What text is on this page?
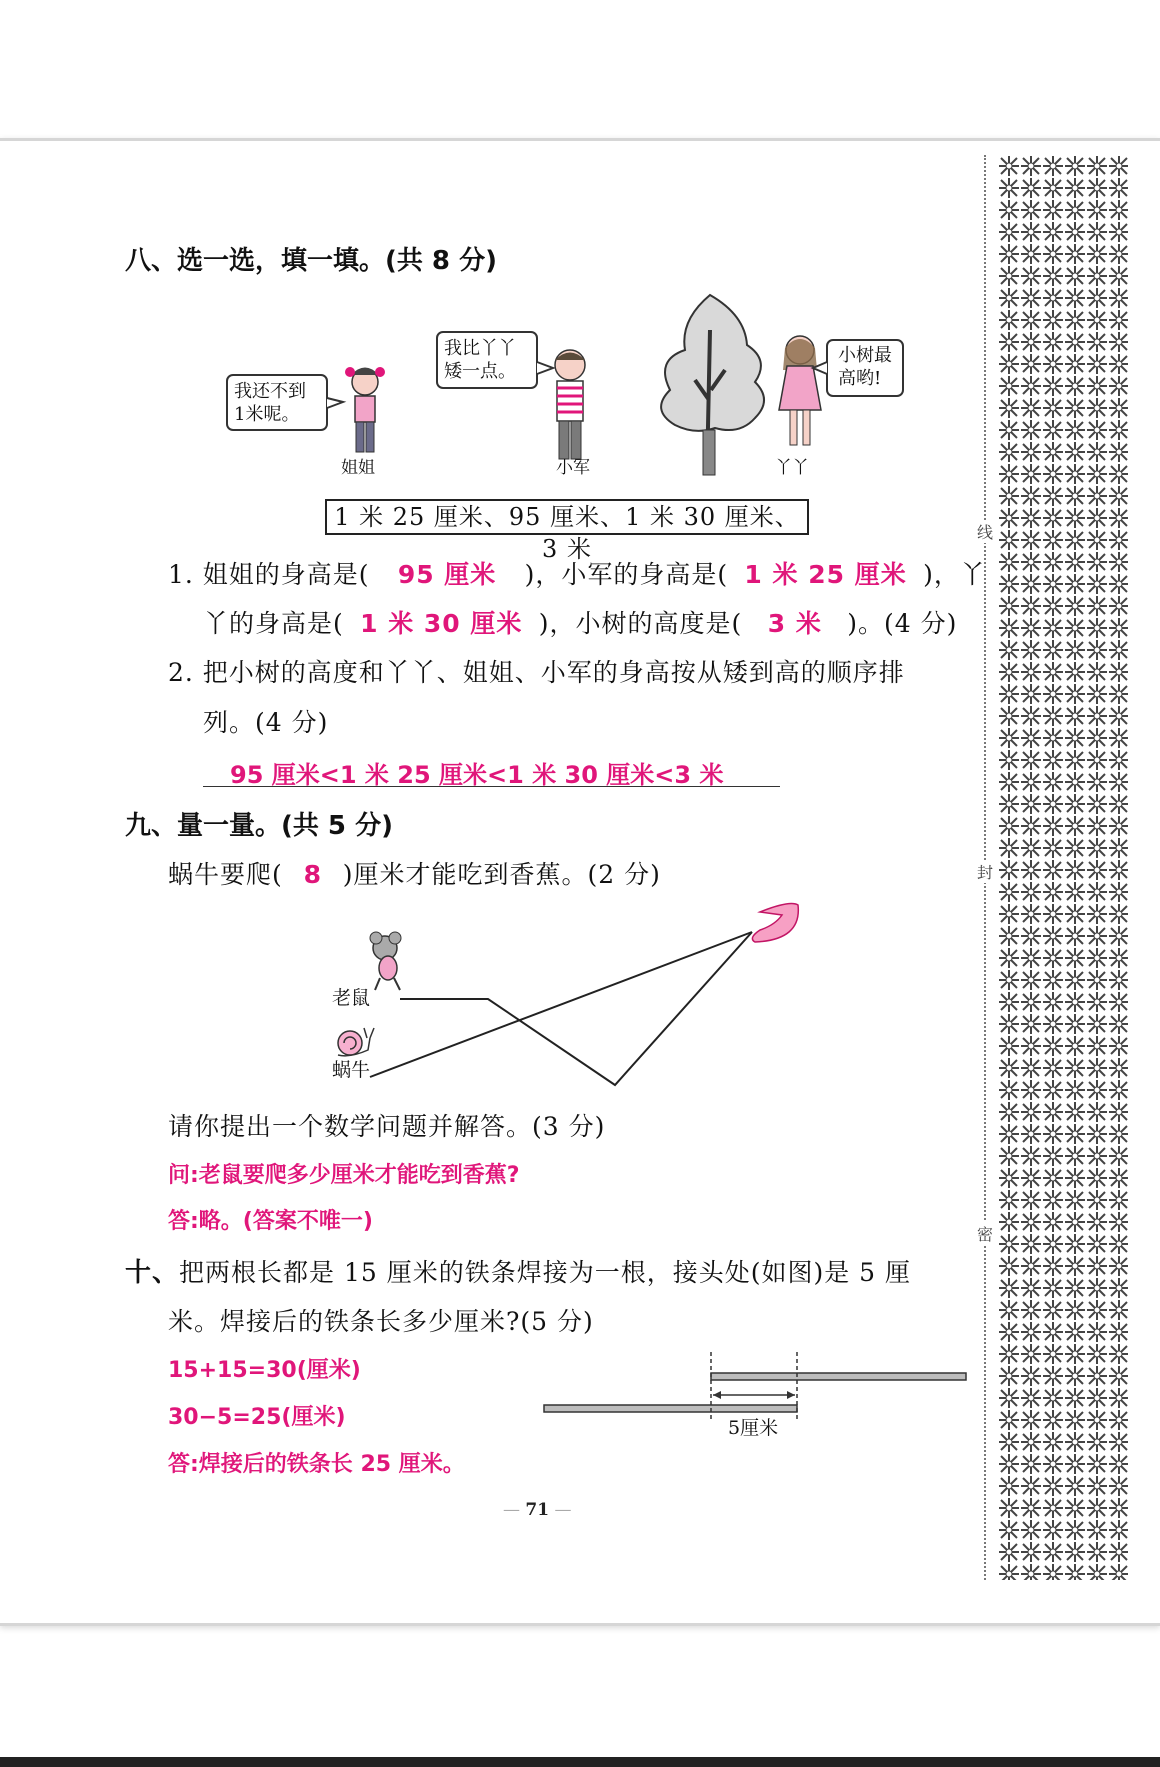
线
封
密
八、选一选，填一填。(共 8 分)
我还不到
1米呢。
我比丫丫
矮一点。
小树最
高哟!
姐姐	小军	丫丫
1 米 25 厘米、95 厘米、1 米 30 厘米、3 米
1. 姐姐的身高是( 95 厘米 )，小军的身高是( 1 米 25 厘米 )，丫
丫的身高是( 1 米 30 厘米 )，小树的高度是( 3 米 )。(4 分)
2. 把小树的高度和丫丫、姐姐、小军的身高按从矮到高的顺序排
列。(4 分)
95 厘米<1 米 25 厘米<1 米 30 厘米<3 米
九、量一量。(共 5 分)
蜗牛要爬( 8 )厘米才能吃到香蕉。(2 分)
老鼠
蜗牛
请你提出一个数学问题并解答。(3 分)
问:老鼠要爬多少厘米才能吃到香蕉?
答:略。(答案不唯一)
十、把两根长都是 15 厘米的铁条焊接为一根，接头处(如图)是 5 厘
米。焊接后的铁条长多少厘米?(5 分)
15+15=30(厘米)
30−5=25(厘米)
答:焊接后的铁条长 25 厘米。
5厘米
— 71 —
